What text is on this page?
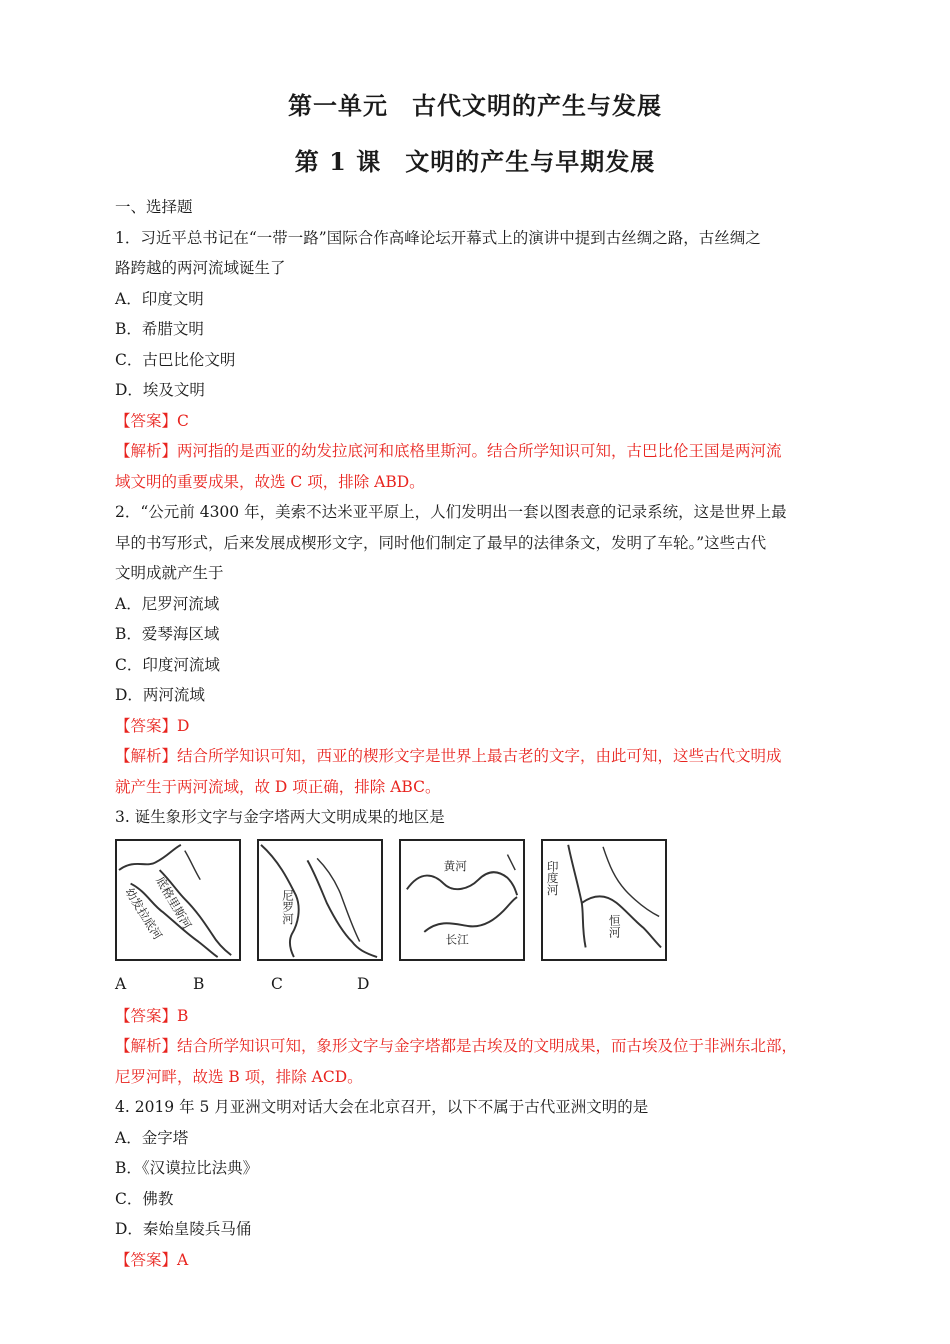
第一单元 古代文明的产生与发展
第 1 课 文明的产生与早期发展
一、选择题
1．习近平总书记在“一带一路”国际合作高峰论坛开幕式上的演讲中提到古丝绸之路，古丝绸之
路跨越的两河流域诞生了
A．印度文明
B．希腊文明
C．古巴比伦文明
D．埃及文明
【答案】C
【解析】两河指的是西亚的幼发拉底河和底格里斯河。结合所学知识可知，古巴比伦王国是两河流
域文明的重要成果，故选 C 项，排除 ABD。
2．“公元前 4300 年，美索不达米亚平原上，人们发明出一套以图表意的记录系统，这是世界上最
早的书写形式，后来发展成楔形文字，同时他们制定了最早的法律条文，发明了车轮。”这些古代
文明成就产生于
A．尼罗河流域
B．爱琴海区域
C．印度河流域
D．两河流域
【答案】D
【解析】结合所学知识可知，西亚的楔形文字是世界上最古老的文字，由此可知，这些古代文明成
就产生于两河流域，故 D 项正确，排除 ABC。
3. 诞生象形文字与金字塔两大文明成果的地区是
底格里斯河
幼发拉底河	尼罗河
黄河
长江
印度河
恒河
A	B	C	D
【答案】B
【解析】结合所学知识可知，象形文字与金字塔都是古埃及的文明成果，而古埃及位于非洲东北部，
尼罗河畔，故选 B 项，排除 ACD。
4. 2019 年 5 月亚洲文明对话大会在北京召开，以下不属于古代亚洲文明的是
A．金字塔
B．《汉谟拉比法典》
C．佛教
D．秦始皇陵兵马俑
【答案】A
